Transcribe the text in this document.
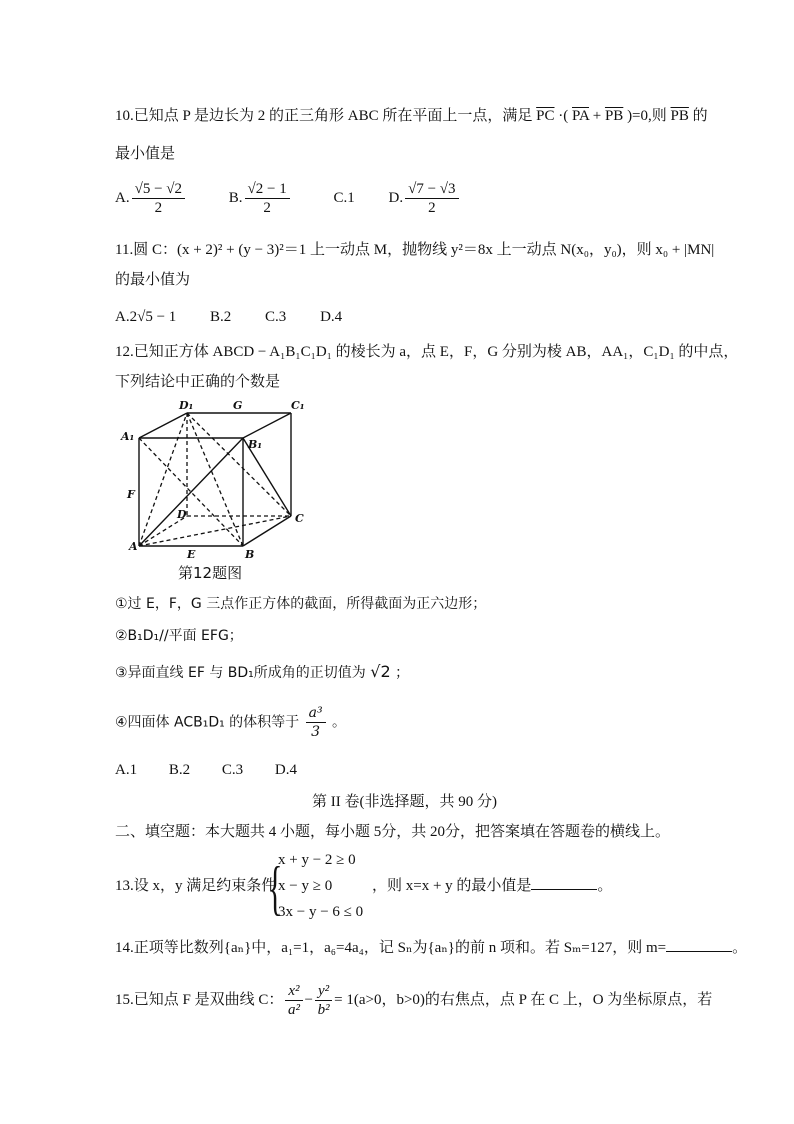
10.已知点 P 是边长为 2 的正三角形 ABC 所在平面上一点，满足 $\overline{PC}$ ·( $\overline{PA} + \overline{PB}$ )=0,则 $\overline{PB}$ 的
最小值是
A. $\frac{√5 - √2}{2}$	B. $\frac{√2 - 1}{2}$	C.1 D. $\frac{√7 - √3}{2}$
11.圆 C：(x + 2)² + (y − 3)²＝1 上一动点 M，抛物线 y²＝8x 上一动点 N(x₀，y₀)，则 x₀ + |MN|
的最小值为
A.2√5 − 1 B.2 C.3 D.4
12.已知正方体 ABCD − A₁B₁C₁D₁ 的棱长为 a，点 E，F，G 分别为棱 AB，AA₁，C₁D₁ 的中点，
下列结论中正确的个数是
D₁	G	C₁
A₁
B₁
F
D	C
A
E	B
第12题图
①过 E，F，G 三点作正方体的截面，所得截面为正六边形；
②B₁D₁//平面 EFG；
③异面直线 EF 与 BD₁所成角的正切值为 √2 ；
④四面体 ACB₁D₁ 的体积等于 $\frac{\text{a³}}{3}$ 。
A.1 B.2 C.3 D.4
第 II 卷(非选择题，共 90 分)
二、填空题：本大题共 4 小题，每小题 5分，共 20分，把答案填在答题卷的横线上。
13.设 x，y 满足约束条件
{
x + y − 2 ≥ 0
x − y ≥ 0
3x − y − 6 ≤ 0
，则 x=x + y 的最小值是	。
14.正项等比数列{aₙ}中，a₁=1，a₆=4a₄，记 Sₙ为{aₙ}的前 n 项和。若 Sₘ=127，则 m=	。
15.已知点 F 是双曲线 C： $\frac{\text{x²}}{\text{a²}} - \frac{\text{y²}}{\text{b²}} = 1(a>0$，b>0)的右焦点，点 P 在 C 上，O 为坐标原点，若
